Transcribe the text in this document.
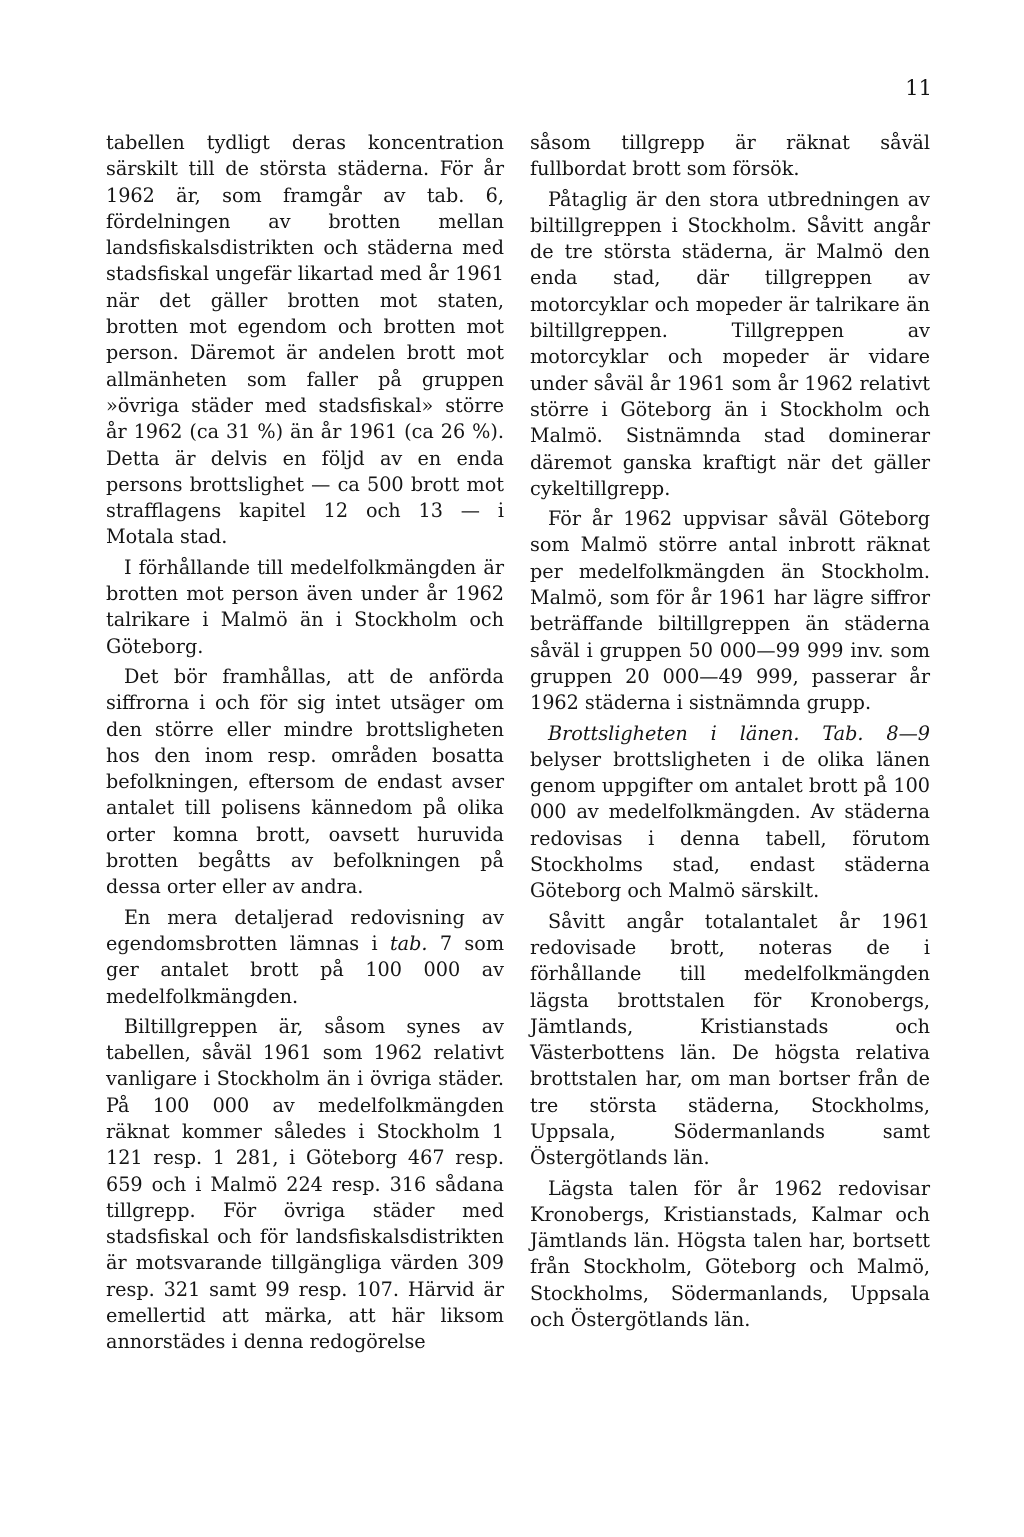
11

tabellen tydligt deras koncentration särskilt till de största städerna. För år 1962 är, som framgår av tab. 6, fördelningen av brotten mellan landsfiskalsdistrikten och städerna med stadsfiskal ungefär likartad med år 1961 när det gäller brotten mot staten, brotten mot egendom och brotten mot person. Däremot är andelen brott mot allmänheten som faller på gruppen »övriga städer med stadsfiskal» större år 1962 (ca 31 %) än år 1961 (ca 26 %). Detta är delvis en följd av en enda persons brottslighet — ca 500 brott mot strafflagens kapitel 12 och 13 — i Motala stad.

I förhållande till medelfolkmängden är brotten mot person även under år 1962 talrikare i Malmö än i Stockholm och Göteborg.

Det bör framhållas, att de anförda siffrorna i och för sig intet utsäger om den större eller mindre brottsligheten hos den inom resp. områden bosatta befolkningen, eftersom de endast avser antalet till polisens kännedom på olika orter komna brott, oavsett huruvida brotten begåtts av befolkningen på dessa orter eller av andra.

En mera detaljerad redovisning av egendomsbrotten lämnas i tab. 7 som ger antalet brott på 100 000 av medelfolkmängden.

Biltillgreppen är, såsom synes av tabellen, såväl 1961 som 1962 relativt vanligare i Stockholm än i övriga städer. På 100 000 av medelfolkmängden räknat kommer således i Stockholm 1 121 resp. 1 281, i Göteborg 467 resp. 659 och i Malmö 224 resp. 316 sådana tillgrepp. För övriga städer med stadsfiskal och för landsfiskalsdistrikten är motsvarande tillgängliga värden 309 resp. 321 samt 99 resp. 107. Härvid är emellertid att märka, att här liksom annorstädes i denna redogörelse

såsom tillgrepp är räknat såväl fullbordat brott som försök.

Påtaglig är den stora utbredningen av biltillgreppen i Stockholm. Såvitt angår de tre största städerna, är Malmö den enda stad, där tillgreppen av motorcyklar och mopeder är talrikare än biltillgreppen. Tillgreppen av motorcyklar och mopeder är vidare under såväl år 1961 som år 1962 relativt större i Göteborg än i Stockholm och Malmö. Sistnämnda stad dominerar däremot ganska kraftigt när det gäller cykeltillgrepp.

För år 1962 uppvisar såväl Göteborg som Malmö större antal inbrott räknat per medelfolkmängden än Stockholm. Malmö, som för år 1961 har lägre siffror beträffande biltillgreppen än städerna såväl i gruppen 50 000—99 999 inv. som gruppen 20 000—49 999, passerar år 1962 städerna i sistnämnda grupp.

Brottsligheten i länen. Tab. 8—9 belyser brottsligheten i de olika länen genom uppgifter om antalet brott på 100 000 av medelfolkmängden. Av städerna redovisas i denna tabell, förutom Stockholms stad, endast städerna Göteborg och Malmö särskilt.

Såvitt angår totalantalet år 1961 redovisade brott, noteras de i förhållande till medelfolkmängden lägsta brottstalen för Kronobergs, Jämtlands, Kristianstads och Västerbottens län. De högsta relativa brottstalen har, om man bortser från de tre största städerna, Stockholms, Uppsala, Södermanlands samt Östergötlands län.

Lägsta talen för år 1962 redovisar Kronobergs, Kristianstads, Kalmar och Jämtlands län. Högsta talen har, bortsett från Stockholm, Göteborg och Malmö, Stockholms, Södermanlands, Uppsala och Östergötlands län.
